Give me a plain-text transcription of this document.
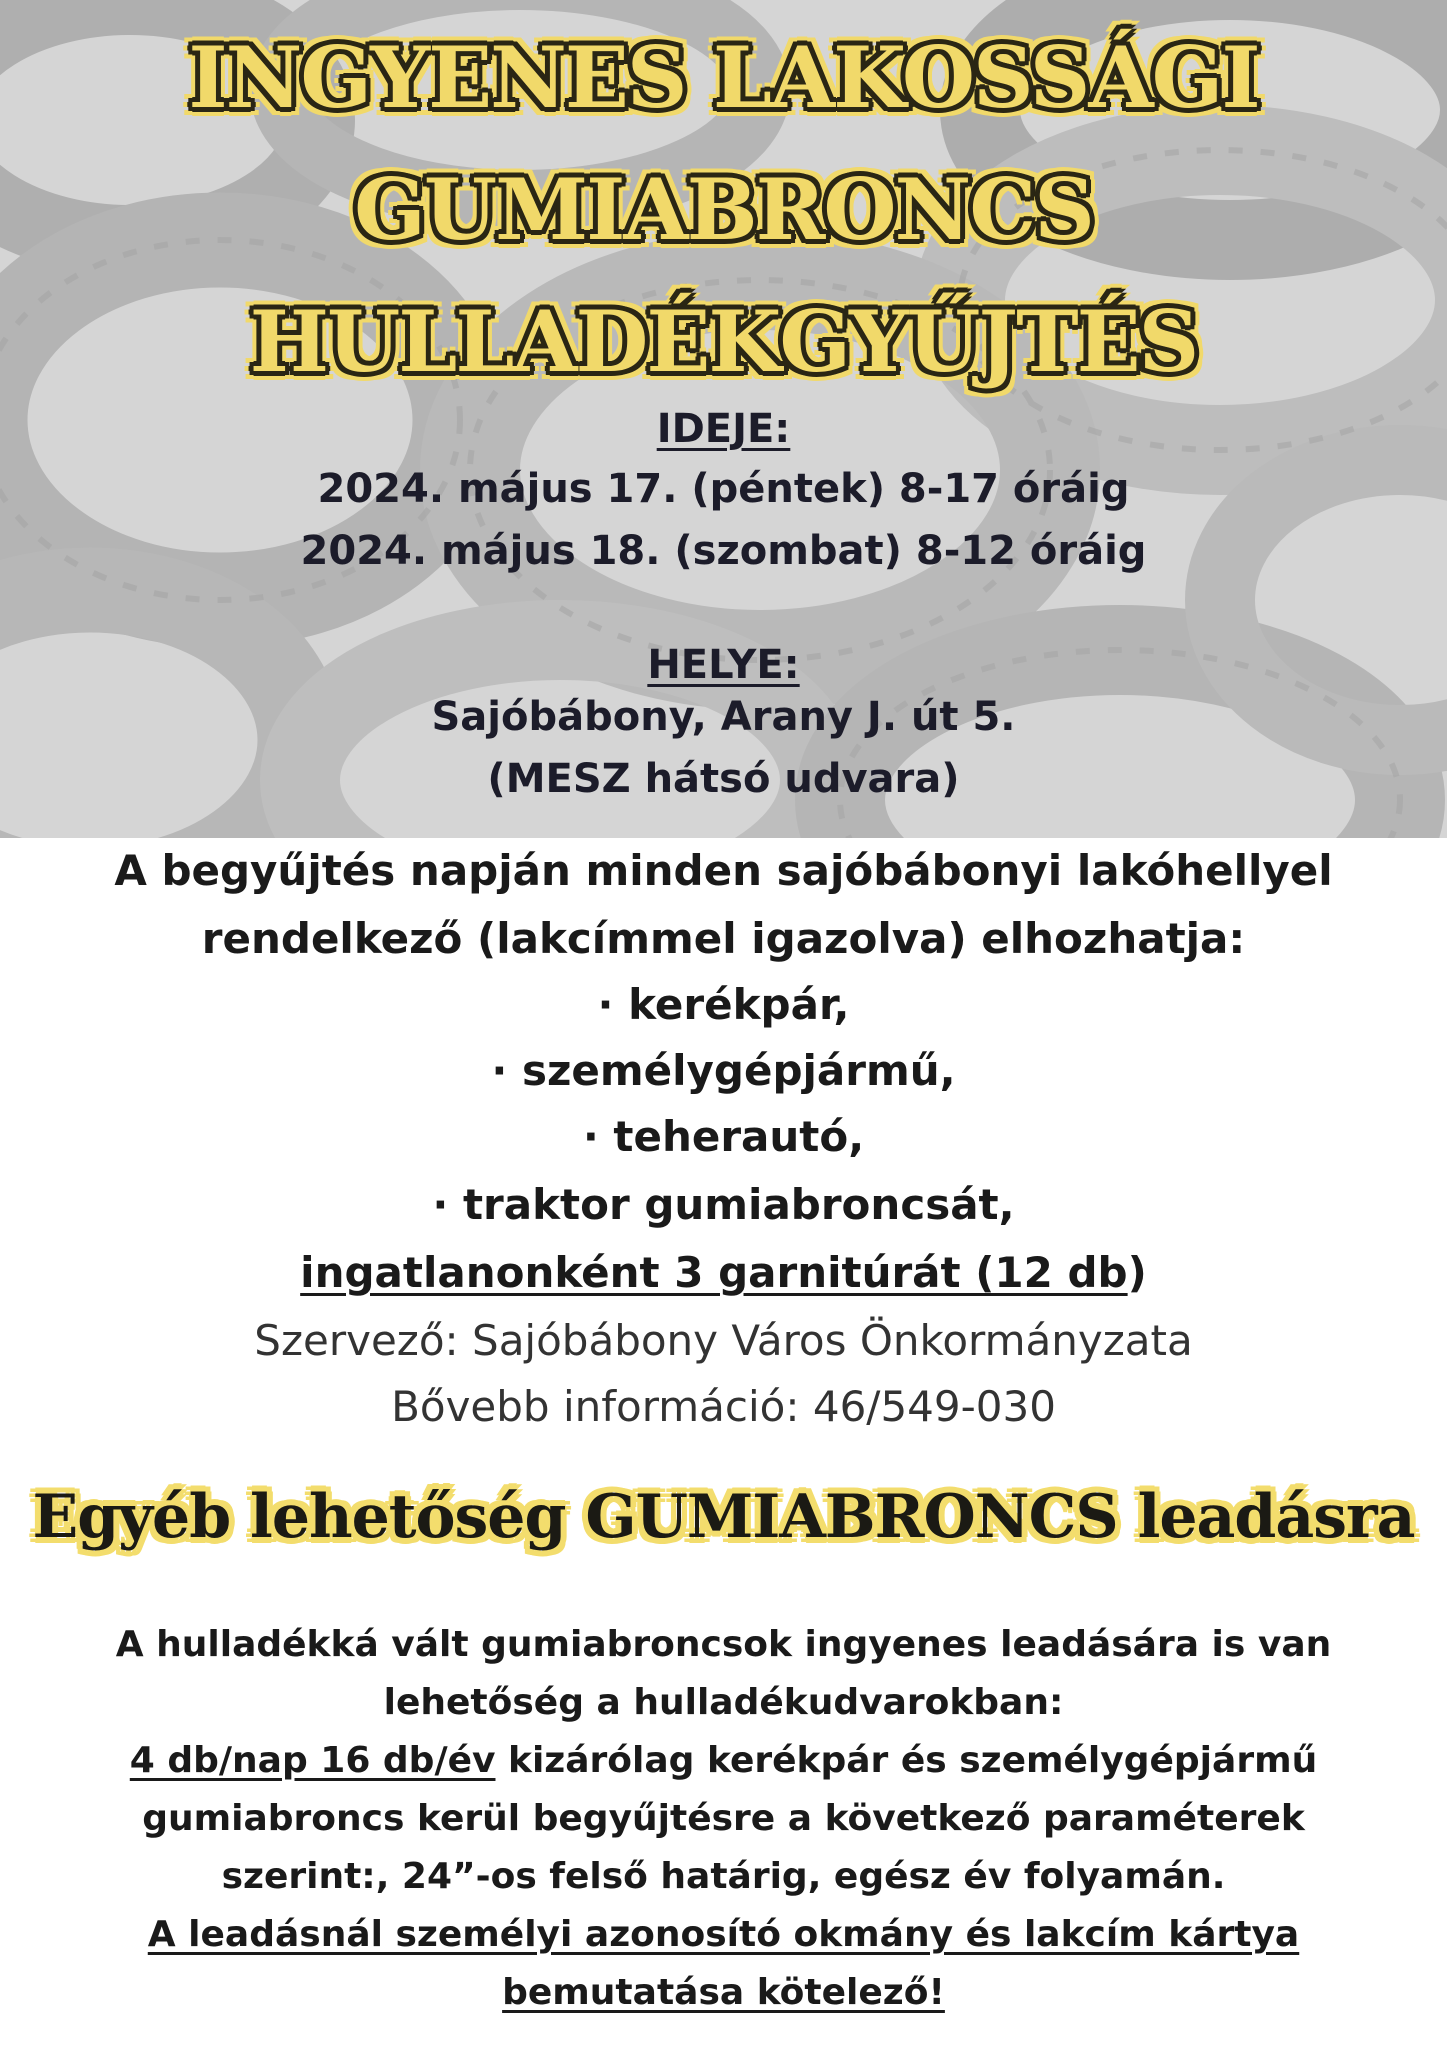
INGYENES LAKOSSÁGI
GUMIABRONCS
HULLADÉKGYŰJTÉS
IDEJE:
2024. május 17. (péntek) 8-17 óráig
2024. május 18. (szombat) 8-12 óráig
HELYE:
Sajóbábony, Arany J. út 5.
(MESZ hátsó udvara)
A begyűjtés napján minden sajóbábonyi lakóhellyel
rendelkező (lakcímmel igazolva) elhozhatja:
· kerékpár,
· személygépjármű,
· teherautó,
· traktor gumiabroncsát,
ingatlanonként 3 garnitúrát (12 db)
Szervező: Sajóbábony Város Önkormányzata
Bővebb információ: 46/549-030
Egyéb lehetőség GUMIABRONCS leadásra
A hulladékká vált gumiabroncsok ingyenes leadására is van
lehetőség a hulladékudvarokban:
4 db/nap 16 db/év kizárólag kerékpár és személygépjármű
gumiabroncs kerül begyűjtésre a következő paraméterek
szerint:, 24”-os felső határig, egész év folyamán.
A leadásnál személyi azonosító okmány és lakcím kártya
bemutatása kötelező!
